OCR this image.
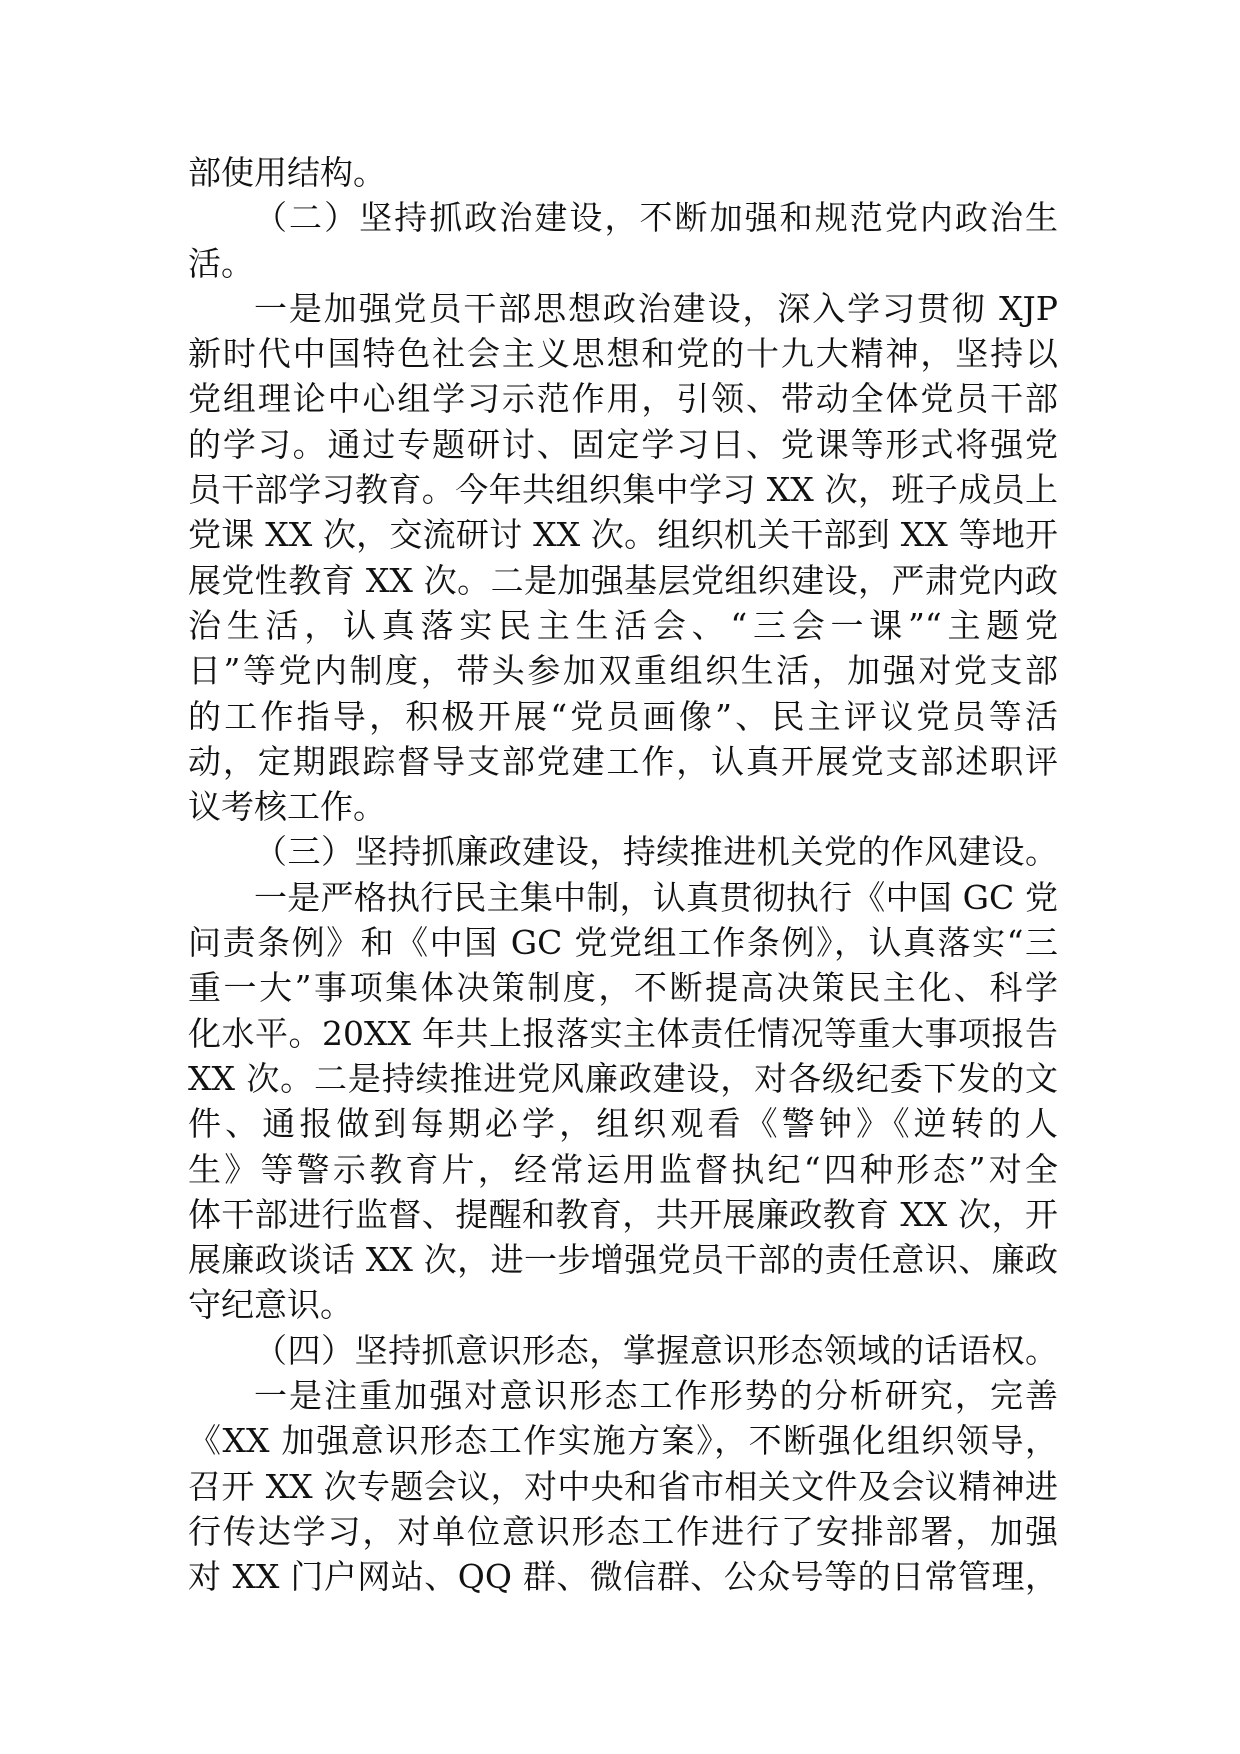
部使用结构。
（二）坚持抓政治建设，不断加强和规范党内政治生
活。
一是加强党员干部思想政治建设，深入学习贯彻 XJP
新时代中国特色社会主义思想和党的十九大精神，坚持以
党组理论中心组学习示范作用，引领、带动全体党员干部
的学习。通过专题研讨、固定学习日、党课等形式将强党
员干部学习教育。今年共组织集中学习 XX 次，班子成员上
党课 XX 次，交流研讨 XX 次。组织机关干部到 XX 等地开
展党性教育 XX 次。二是加强基层党组织建设，严肃党内政
治生活，认真落实民主生活会、“三会一课”“主题党
日”等党内制度，带头参加双重组织生活，加强对党支部
的工作指导，积极开展“党员画像”、民主评议党员等活
动，定期跟踪督导支部党建工作，认真开展党支部述职评
议考核工作。
（三）坚持抓廉政建设，持续推进机关党的作风建设。
一是严格执行民主集中制，认真贯彻执行《中国 GC 党
问责条例》和《中国 GC 党党组工作条例》，认真落实“三
重一大”事项集体决策制度，不断提高决策民主化、科学
化水平。20XX 年共上报落实主体责任情况等重大事项报告
XX 次。二是持续推进党风廉政建设，对各级纪委下发的文
件、通报做到每期必学，组织观看《警钟》《逆转的人
生》等警示教育片，经常运用监督执纪“四种形态”对全
体干部进行监督、提醒和教育，共开展廉政教育 XX 次，开
展廉政谈话 XX 次，进一步增强党员干部的责任意识、廉政
守纪意识。
（四）坚持抓意识形态，掌握意识形态领域的话语权。
一是注重加强对意识形态工作形势的分析研究，完善
《XX 加强意识形态工作实施方案》，不断强化组织领导，
召开 XX 次专题会议，对中央和省市相关文件及会议精神进
行传达学习，对单位意识形态工作进行了安排部署，加强
对 XX 门户网站、QQ 群、微信群、公众号等的日常管理，
